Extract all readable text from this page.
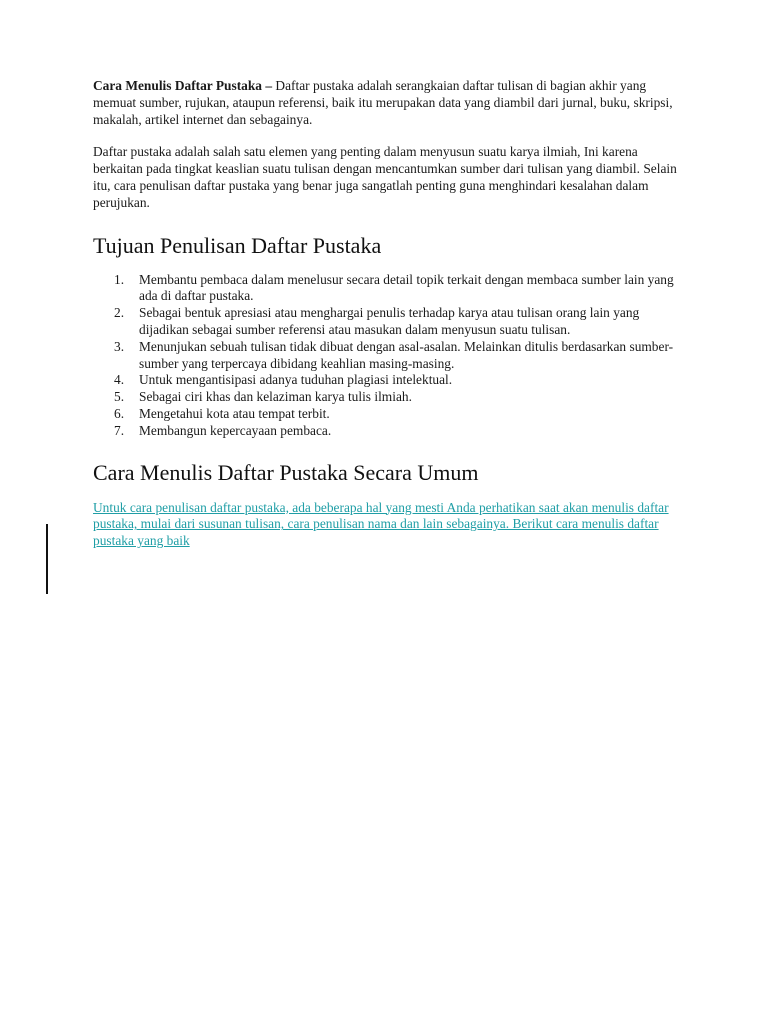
Cara Menulis Daftar Pustaka – Daftar pustaka adalah serangkaian daftar tulisan di bagian akhir yang memuat sumber, rujukan, ataupun referensi, baik itu merupakan data yang diambil dari jurnal, buku, skripsi, makalah, artikel internet dan sebagainya.

Daftar pustaka adalah salah satu elemen yang penting dalam menyusun suatu karya ilmiah, Ini karena berkaitan pada tingkat keaslian suatu tulisan dengan mencantumkan sumber dari tulisan yang diambil. Selain itu, cara penulisan daftar pustaka yang benar juga sangatlah penting guna menghindari kesalahan dalam perujukan.

Tujuan Penulisan Daftar Pustaka
1. Membantu pembaca dalam menelusur secara detail topik terkait dengan membaca sumber lain yang ada di daftar pustaka.
2. Sebagai bentuk apresiasi atau menghargai penulis terhadap karya atau tulisan orang lain yang dijadikan sebagai sumber referensi atau masukan dalam menyusun suatu tulisan.
3. Menunjukan sebuah tulisan tidak dibuat dengan asal-asalan. Melainkan ditulis berdasarkan sumber-sumber yang terpercaya dibidang keahlian masing-masing.
4. Untuk mengantisipasi adanya tuduhan plagiasi intelektual.
5. Sebagai ciri khas dan kelaziman karya tulis ilmiah.
6. Mengetahui kota atau tempat terbit.
7. Membangun kepercayaan pembaca.
Cara Menulis Daftar Pustaka Secara Umum

Untuk cara penulisan daftar pustaka, ada beberapa hal yang mesti Anda perhatikan saat akan menulis daftar pustaka, mulai dari susunan tulisan, cara penulisan nama dan lain sebagainya. Berikut cara menulis daftar pustaka yang baik
